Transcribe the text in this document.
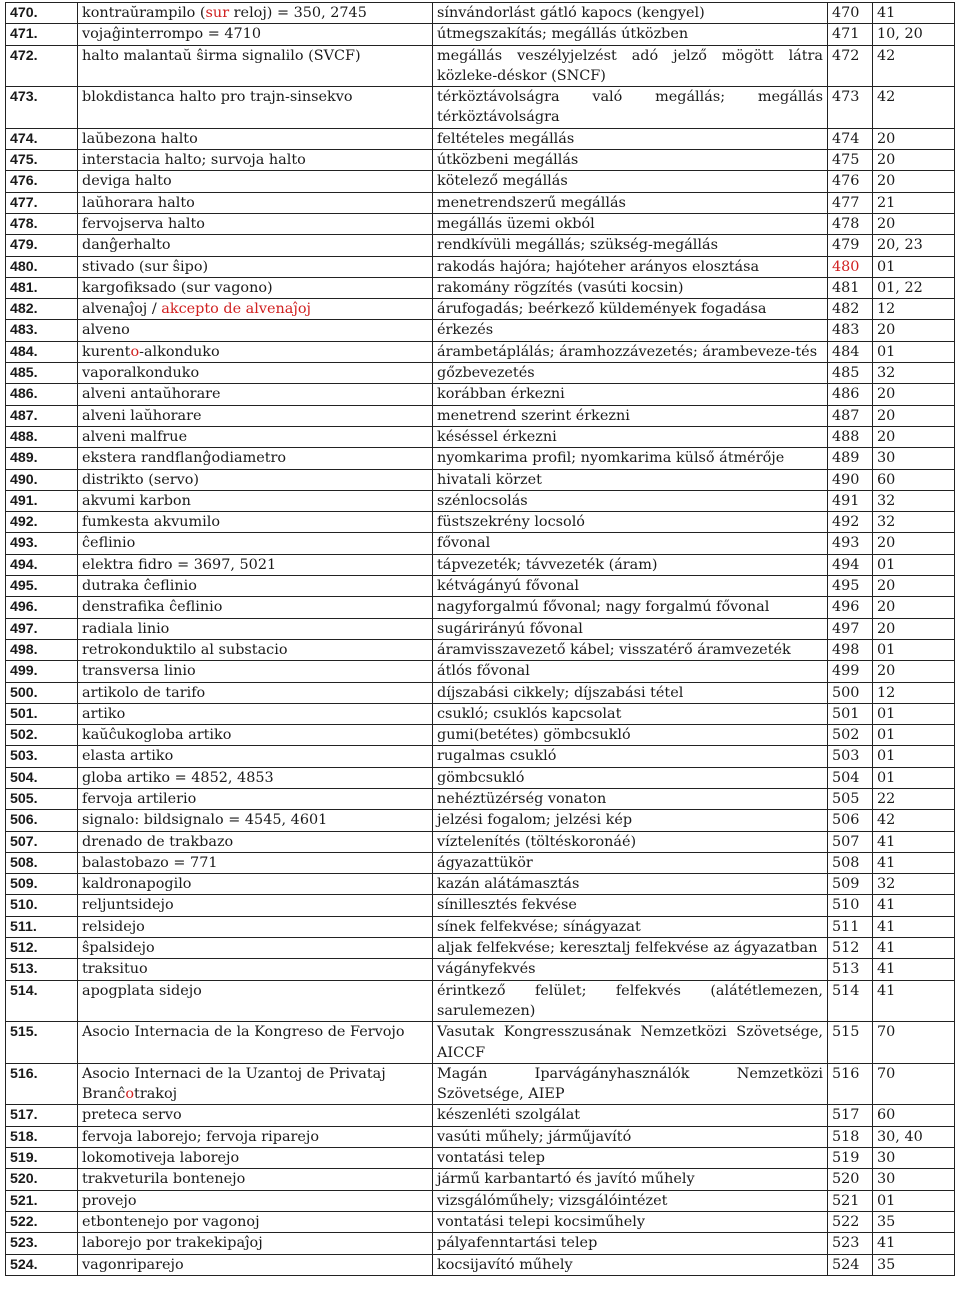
470.	kontraŭrampilo (sur reloj) = 350, 2745	sínvándorlást gátló kapocs (kengyel)	470	41
471.	vojaĝinterrompo = 4710	útmegszakítás; megállás útközben	471	10, 20
472.	halto malantaŭ ŝirma signalilo (SVCF)	megállás veszélyjelzést adó jelző mögött látra közleke-déskor (SNCF)	472	42
473.	blokdistanca halto pro trajn-sinsekvo	térköztávolságra való megállás; megállás térköztávolságra	473	42
474.	laŭbezona halto	feltételes megállás	474	20
475.	interstacia halto; survoja halto	útközbeni megállás	475	20
476.	deviga halto	kötelező megállás	476	20
477.	laŭhorara halto	menetrendszerű megállás	477	21
478.	fervojserva halto	megállás üzemi okból	478	20
479.	danĝerhalto	rendkívüli megállás; szükség-megállás	479	20, 23
480.	stivado (sur ŝipo)	rakodás hajóra; hajóteher arányos elosztása	480	01
481.	kargofiksado (sur vagono)	rakomány rögzítés (vasúti kocsin)	481	01, 22
482.	alvenaĵoj / akcepto de alvenaĵoj	árufogadás; beérkező küldemények fogadása	482	12
483.	alveno	érkezés	483	20
484.	kurento-alkonduko	árambetáplálás; áramhozzávezetés; árambeveze-tés	484	01
485.	vaporalkonduko	gőzbevezetés	485	32
486.	alveni antaŭhorare	korábban érkezni	486	20
487.	alveni laŭhorare	menetrend szerint érkezni	487	20
488.	alveni malfrue	késéssel érkezni	488	20
489.	ekstera randflanĝodiametro	nyomkarima profil; nyomkarima külső átmérője	489	30
490.	distrikto (servo)	hivatali körzet	490	60
491.	akvumi karbon	szénlocsolás	491	32
492.	fumkesta akvumilo	füstszekrény locsoló	492	32
493.	ĉeflinio	fővonal	493	20
494.	elektra fidro = 3697, 5021	tápvezeték; távvezeték (áram)	494	01
495.	dutraka ĉeflinio	kétvágányú fővonal	495	20
496.	denstrafika ĉeflinio	nagyforgalmú fővonal; nagy forgalmú fővonal	496	20
497.	radiala linio	sugárirányú fővonal	497	20
498.	retrokonduktilo al substacio	áramvisszavezető kábel; visszatérő áramvezeték	498	01
499.	transversa linio	átlós fővonal	499	20
500.	artikolo de tarifo	díjszabási cikkely; díjszabási tétel	500	12
501.	artiko	csukló; csuklós kapcsolat	501	01
502.	kaŭĉukogloba artiko	gumi(betétes) gömbcsukló	502	01
503.	elasta artiko	rugalmas csukló	503	01
504.	globa artiko = 4852, 4853	gömbcsukló	504	01
505.	fervoja artilerio	nehéztüzérség vonaton	505	22
506.	signalo: bildsignalo = 4545, 4601	jelzési fogalom; jelzési kép	506	42
507.	drenado de trakbazo	víztelenítés (töltéskoronáé)	507	41
508.	balastobazo = 771	ágyazattükör	508	41
509.	kaldronapogilo	kazán alátámasztás	509	32
510.	reljuntsidejo	sínillesztés fekvése	510	41
511.	relsidejo	sínek felfekvése; sínágyazat	511	41
512.	ŝpalsidejo	aljak felfekvése; keresztalj felfekvése az ágyazatban	512	41
513.	traksituo	vágányfekvés	513	41
514.	apogplata sidejo	érintkező felület; felfekvés (alátétlemezen, sarulemezen)	514	41
515.	Asocio Internacia de la Kongreso de Fervojo	Vasutak Kongresszusának Nemzetközi Szövetsége, AICCF	515	70
516.	Asocio Internaci de la Uzantoj de Privataj Branĉotrakoj	Magán Iparvágányhasználók Nemzetközi Szövetsége, AIEP	516	70
517.	preteca servo	készenléti szolgálat	517	60
518.	fervoja laborejo; fervoja riparejo	vasúti műhely; járműjavító	518	30, 40
519.	lokomotiveja laborejo	vontatási telep	519	30
520.	trakveturila bontenejo	jármű karbantartó és javító műhely	520	30
521.	provejo	vizsgálóműhely; vizsgálóintézet	521	01
522.	etbontenejo por vagonoj	vontatási telepi kocsiműhely	522	35
523.	laborejo por trakekipaĵoj	pályafenntartási telep	523	41
524.	vagonriparejo	kocsijavító műhely	524	35
